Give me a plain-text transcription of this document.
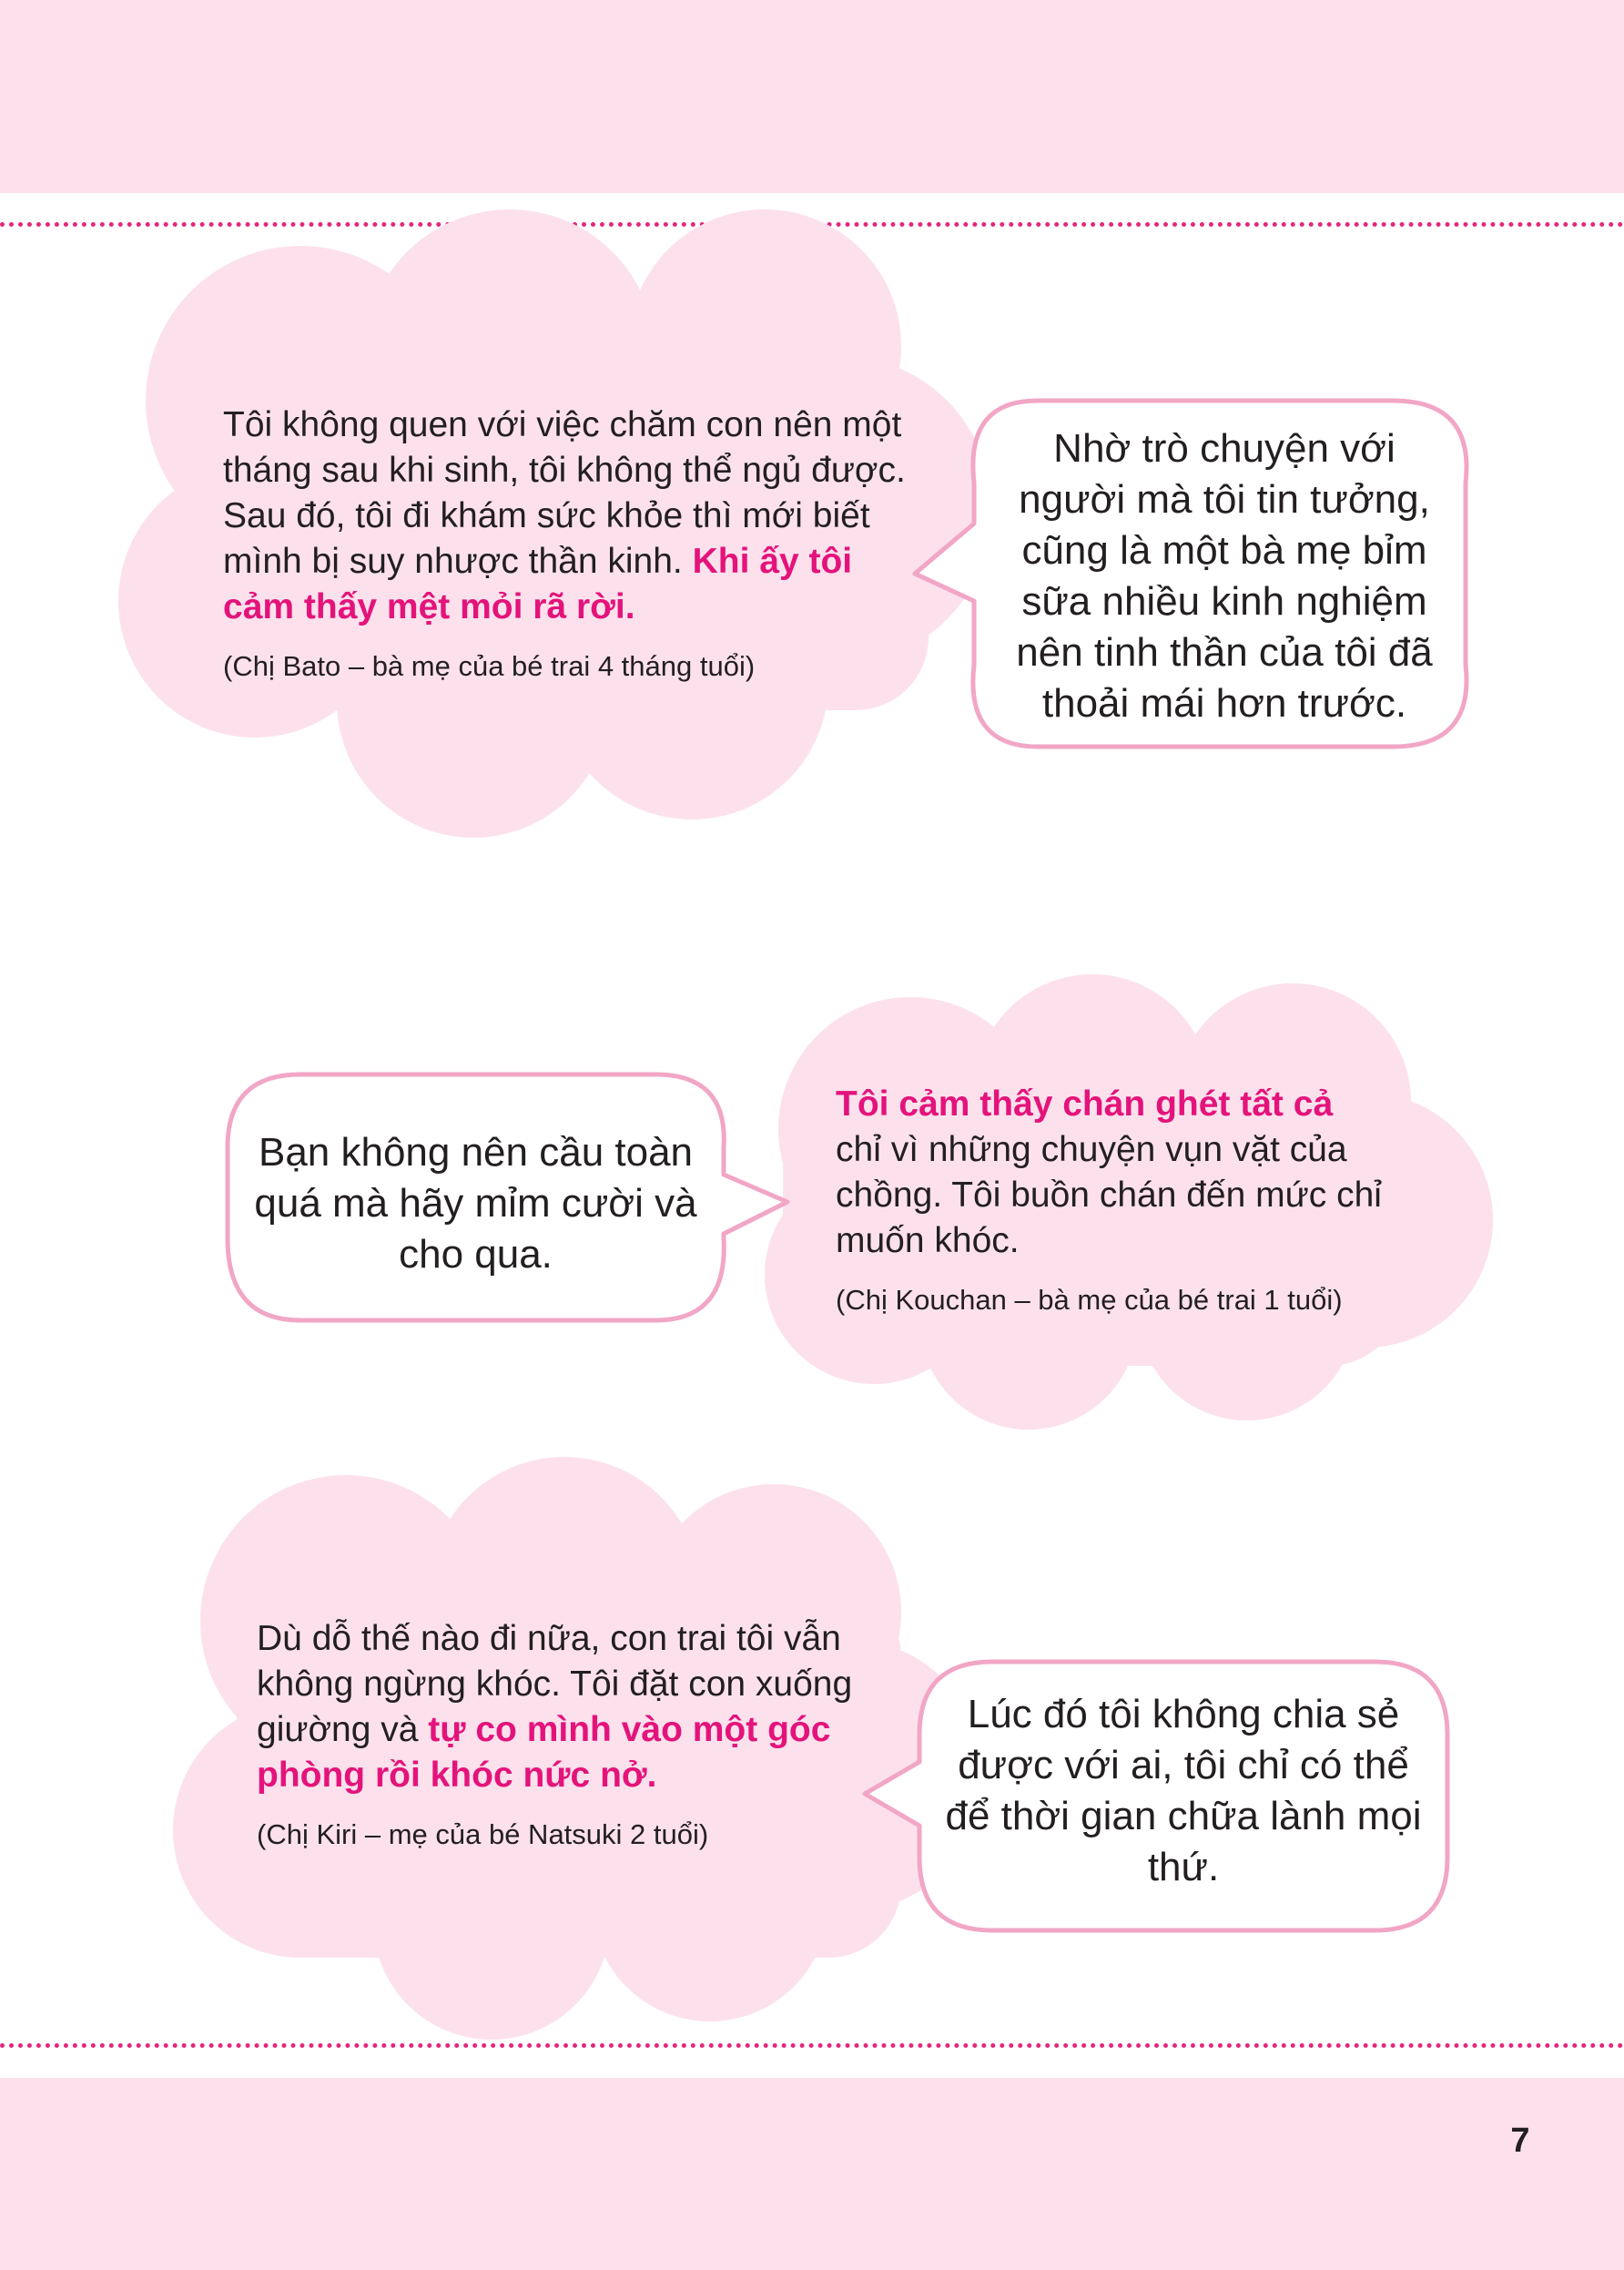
Tôi không quen với việc chăm con nên một tháng sau khi sinh, tôi không thể ngủ được. Sau đó, tôi đi khám sức khỏe thì mới biết mình bị suy nhược thần kinh. Khi ấy tôi cảm thấy mệt mỏi rã rời.

(Chị Bato – bà mẹ của bé trai 4 tháng tuổi)

Nhờ trò chuyện với người mà tôi tin tưởng, cũng là một bà mẹ bỉm sữa nhiều kinh nghiệm nên tinh thần của tôi đã thoải mái hơn trước.

Tôi cảm thấy chán ghét tất cả chỉ vì những chuyện vụn vặt của chồng. Tôi buồn chán đến mức chỉ muốn khóc.

(Chị Kouchan – bà mẹ của bé trai 1 tuổi)

Bạn không nên cầu toàn quá mà hãy mỉm cười và cho qua.

Dù dỗ thế nào đi nữa, con trai tôi vẫn không ngừng khóc. Tôi đặt con xuống giường và tự co mình vào một góc phòng rồi khóc nức nở.

(Chị Kiri – mẹ của bé Natsuki 2 tuổi)

Lúc đó tôi không chia sẻ được với ai, tôi chỉ có thể để thời gian chữa lành mọi thứ.
7
